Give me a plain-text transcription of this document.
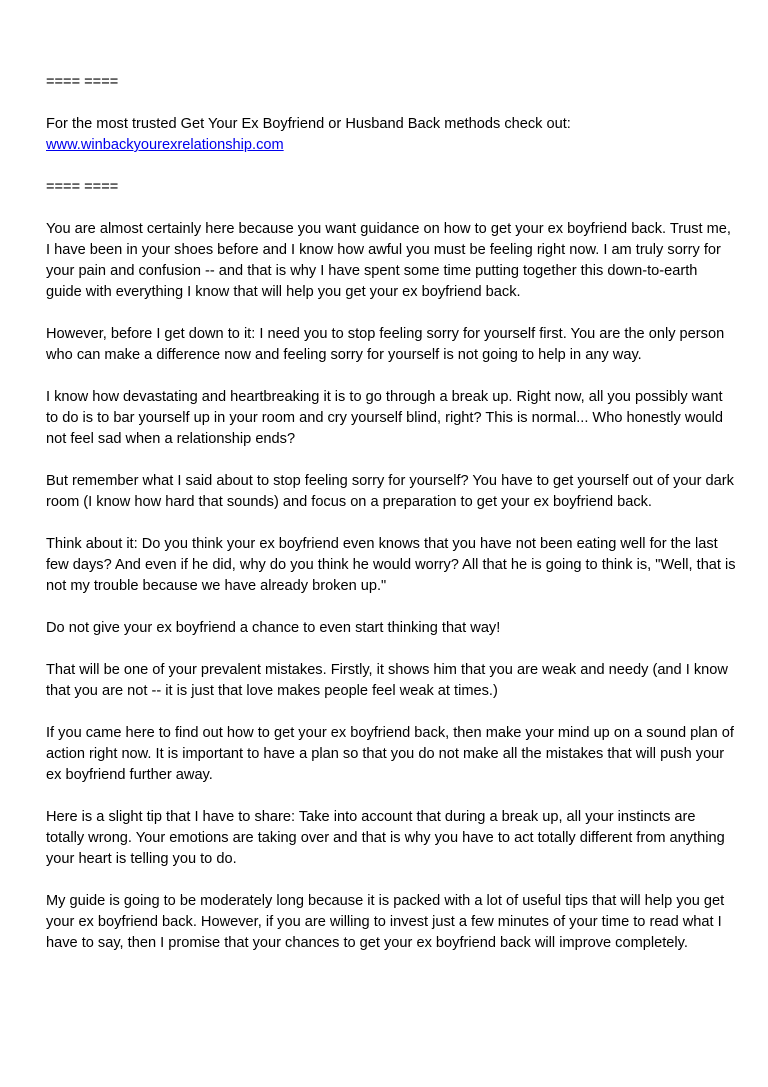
==== ====

For the most trusted Get Your Ex Boyfriend or Husband Back methods check out:
www.winbackyourexrelationship.com

==== ====

You are almost certainly here because you want guidance on how to get your ex boyfriend back. Trust me, I have been in your shoes before and I know how awful you must be feeling right now. I am truly sorry for your pain and confusion -- and that is why I have spent some time putting together this down-to-earth guide with everything I know that will help you get your ex boyfriend back.

However, before I get down to it: I need you to stop feeling sorry for yourself first. You are the only person who can make a difference now and feeling sorry for yourself is not going to help in any way.

I know how devastating and heartbreaking it is to go through a break up. Right now, all you possibly want to do is to bar yourself up in your room and cry yourself blind, right? This is normal... Who honestly would not feel sad when a relationship ends?

But remember what I said about to stop feeling sorry for yourself? You have to get yourself out of your dark room (I know how hard that sounds) and focus on a preparation to get your ex boyfriend back.

Think about it: Do you think your ex boyfriend even knows that you have not been eating well for the last few days? And even if he did, why do you think he would worry? All that he is going to think is, "Well, that is not my trouble because we have already broken up."

Do not give your ex boyfriend a chance to even start thinking that way!

That will be one of your prevalent mistakes. Firstly, it shows him that you are weak and needy (and I know that you are not -- it is just that love makes people feel weak at times.)

If you came here to find out how to get your ex boyfriend back, then make your mind up on a sound plan of action right now. It is important to have a plan so that you do not make all the mistakes that will push your ex boyfriend further away.

Here is a slight tip that I have to share: Take into account that during a break up, all your instincts are totally wrong. Your emotions are taking over and that is why you have to act totally different from anything your heart is telling you to do.

My guide is going to be moderately long because it is packed with a lot of useful tips that will help you get your ex boyfriend back. However, if you are willing to invest just a few minutes of your time to read what I have to say, then I promise that your chances to get your ex boyfriend back will improve completely.
